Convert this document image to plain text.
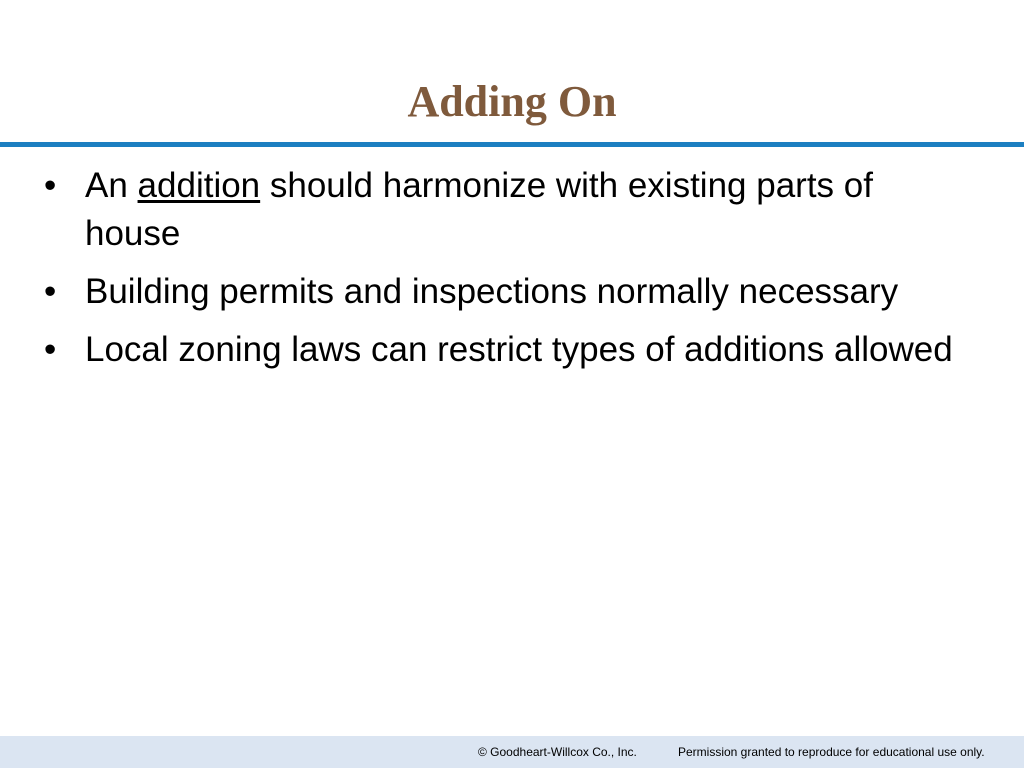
Adding On
• An addition should harmonize with existing parts of house
• Building permits and inspections normally necessary
• Local zoning laws can restrict types of additions allowed
© Goodheart-Willcox Co., Inc.	Permission granted to reproduce for educational use only.
